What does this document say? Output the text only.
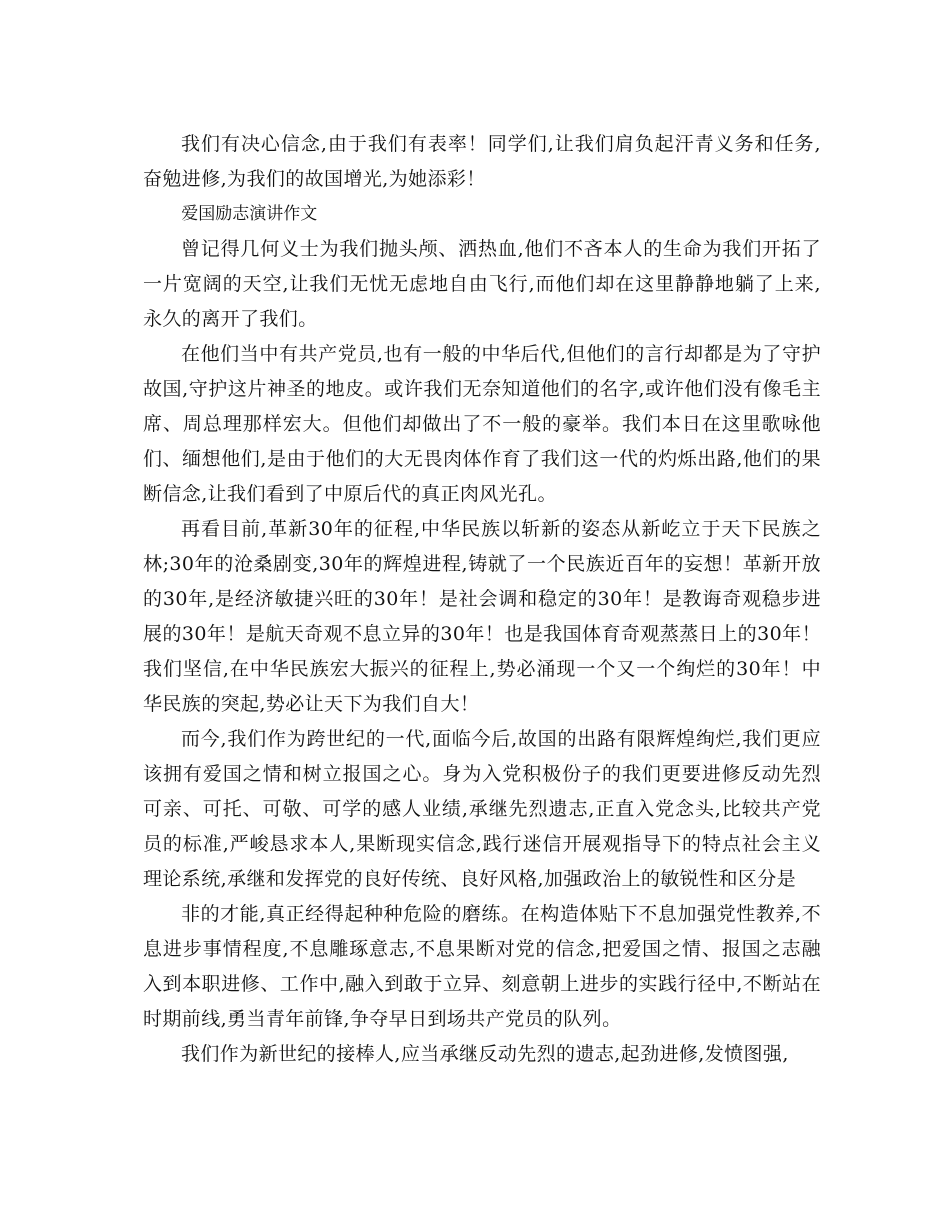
我们有决心信念,由于我们有表率！同学们,让我们肩负起汗青义务和任务,奋勉进修,为我们的故国增光,为她添彩！

爱国励志演讲作文

曾记得几何义士为我们抛头颅、洒热血,他们不吝本人的生命为我们开拓了一片宽阔的天空,让我们无忧无虑地自由飞行,而他们却在这里静静地躺了上来,永久的离开了我们。

在他们当中有共产党员,也有一般的中华后代,但他们的言行却都是为了守护故国,守护这片神圣的地皮。或许我们无奈知道他们的名字,或许他们没有像毛主席、周总理那样宏大。但他们却做出了不一般的豪举。我们本日在这里歌咏他们、缅想他们,是由于他们的大无畏肉体作育了我们这一代的灼烁出路,他们的果断信念,让我们看到了中原后代的真正肉风光孔。

再看目前,革新30年的征程,中华民族以斩新的姿态从新屹立于天下民族之林;30年的沧桑剧变,30年的辉煌进程,铸就了一个民族近百年的妄想！革新开放的30年,是经济敏捷兴旺的30年！是社会调和稳定的30年！是教诲奇观稳步进展的30年！是航天奇观不息立异的30年！也是我国体育奇观蒸蒸日上的30年！我们坚信,在中华民族宏大振兴的征程上,势必涌现一个又一个绚烂的30年！中华民族的突起,势必让天下为我们自大！

而今,我们作为跨世纪的一代,面临今后,故国的出路有限辉煌绚烂,我们更应该拥有爱国之情和树立报国之心。身为入党积极份子的我们更要进修反动先烈可亲、可托、可敬、可学的感人业绩,承继先烈遗志,正直入党念头,比较共产党员的标准,严峻恳求本人,果断现实信念,践行迷信开展观指导下的特点社会主义理论系统,承继和发挥党的良好传统、良好风格,加强政治上的敏锐性和区分是

非的才能,真正经得起种种危险的磨练。在构造体贴下不息加强党性教养,不息进步事情程度,不息雕琢意志,不息果断对党的信念,把爱国之情、报国之志融入到本职进修、工作中,融入到敢于立异、刻意朝上进步的实践行径中,不断站在时期前线,勇当青年前锋,争夺早日到场共产党员的队列。

我们作为新世纪的接棒人,应当承继反动先烈的遗志,起劲进修,发愤图强,
